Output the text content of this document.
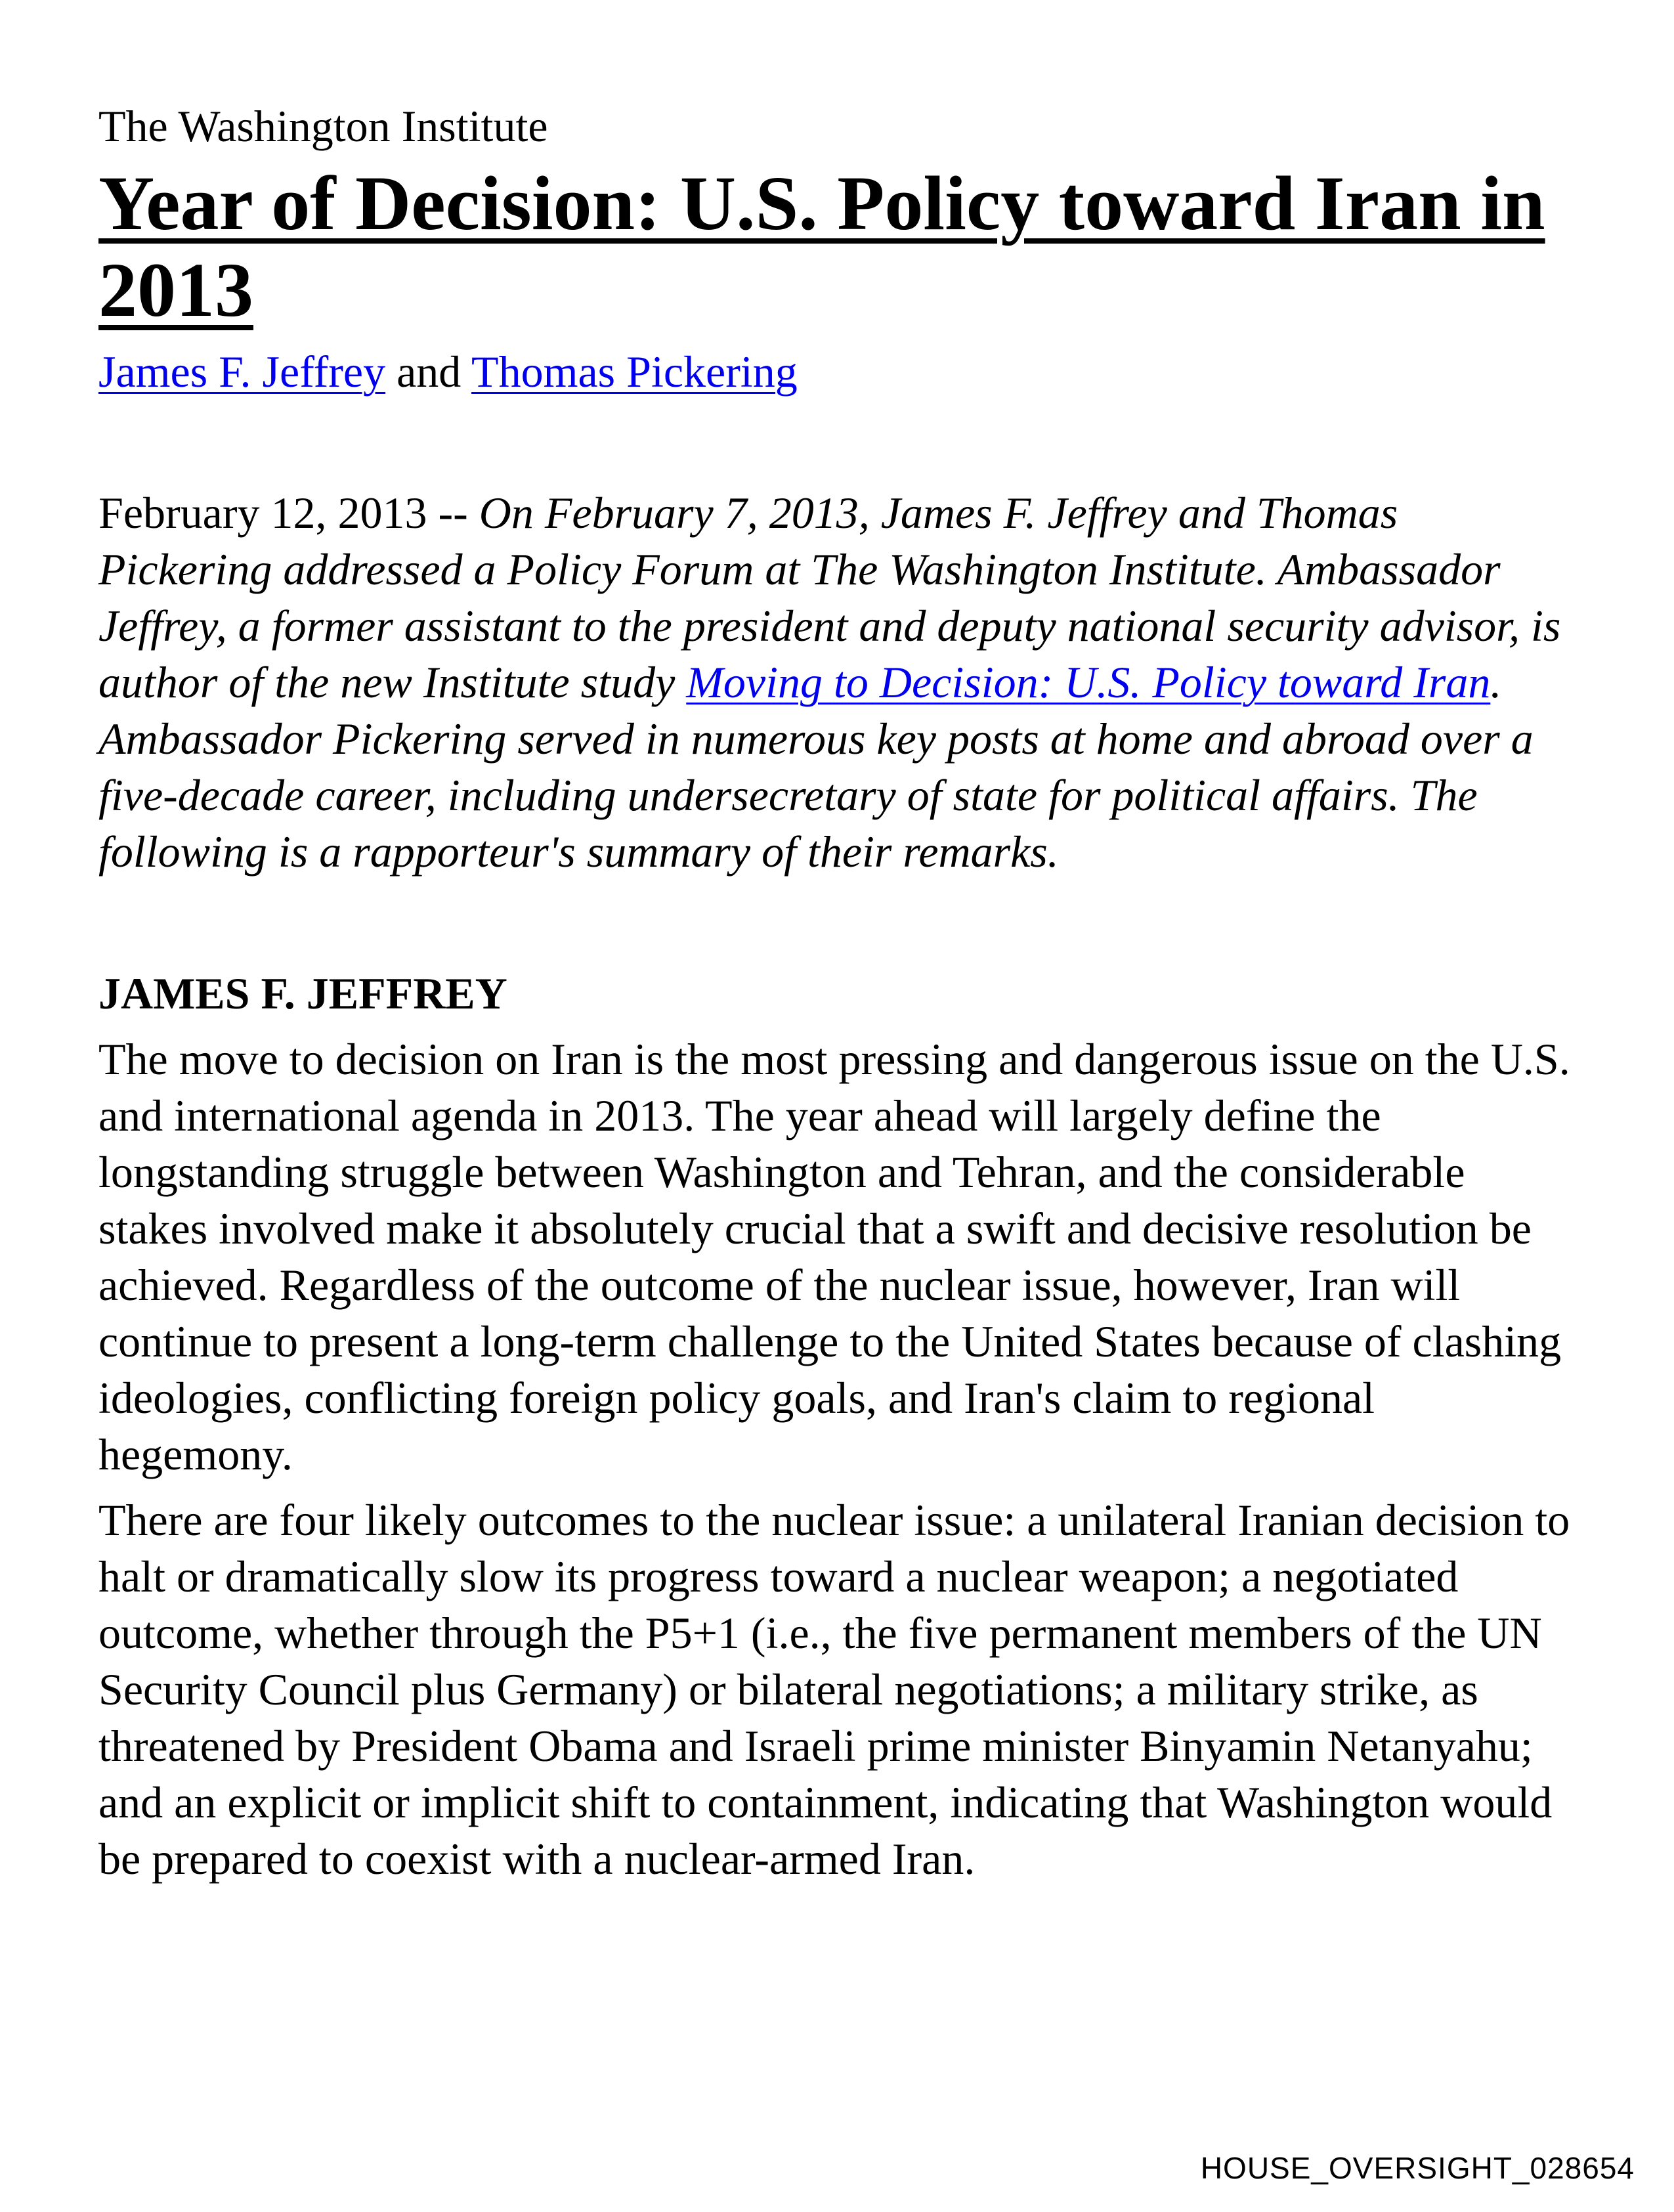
The Washington Institute

Year of Decision: U.S. Policy toward Iran in 2013

James F. Jeffrey and Thomas Pickering

February 12, 2013 -- On February 7, 2013, James F. Jeffrey and Thomas Pickering addressed a Policy Forum at The Washington Institute. Ambassador Jeffrey, a former assistant to the president and deputy national security advisor, is author of the new Institute study Moving to Decision: U.S. Policy toward Iran. Ambassador Pickering served in numerous key posts at home and abroad over a five-decade career, including undersecretary of state for political affairs. The following is a rapporteur's summary of their remarks.

JAMES F. JEFFREY

The move to decision on Iran is the most pressing and dangerous issue on the U.S. and international agenda in 2013. The year ahead will largely define the longstanding struggle between Washington and Tehran, and the considerable stakes involved make it absolutely crucial that a swift and decisive resolution be achieved. Regardless of the outcome of the nuclear issue, however, Iran will continue to present a long-term challenge to the United States because of clashing ideologies, conflicting foreign policy goals, and Iran's claim to regional hegemony.

There are four likely outcomes to the nuclear issue: a unilateral Iranian decision to halt or dramatically slow its progress toward a nuclear weapon; a negotiated outcome, whether through the P5+1 (i.e., the five permanent members of the UN Security Council plus Germany) or bilateral negotiations; a military strike, as threatened by President Obama and Israeli prime minister Binyamin Netanyahu; and an explicit or implicit shift to containment, indicating that Washington would be prepared to coexist with a nuclear-armed Iran.

HOUSE_OVERSIGHT_028654
